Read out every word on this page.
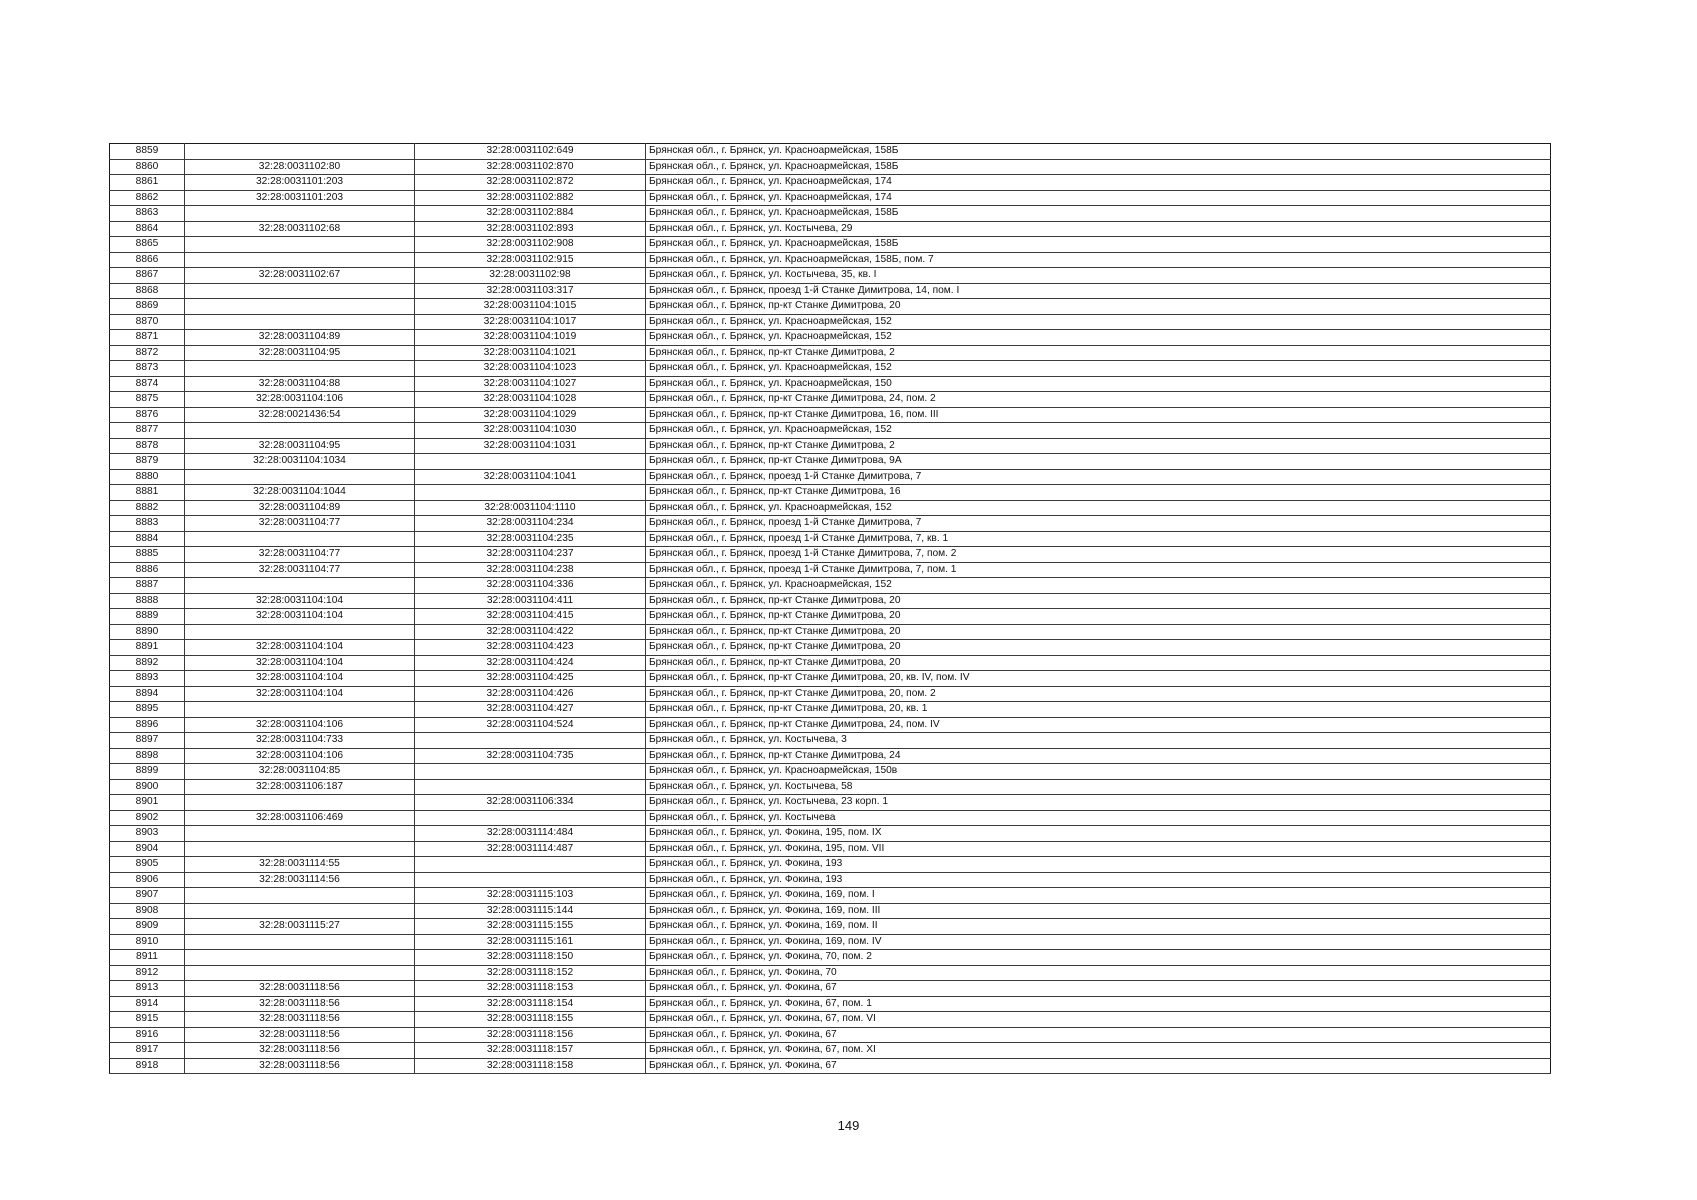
8859		32:28:0031102:649	Брянская обл., г. Брянск, ул. Красноармейская, 158Б
8860	32:28:0031102:80	32:28:0031102:870	Брянская обл., г. Брянск, ул. Красноармейская, 158Б
8861	32:28:0031101:203	32:28:0031102:872	Брянская обл., г. Брянск, ул. Красноармейская, 174
8862	32:28:0031101:203	32:28:0031102:882	Брянская обл., г. Брянск, ул. Красноармейская, 174
8863		32:28:0031102:884	Брянская обл., г. Брянск, ул. Красноармейская, 158Б
8864	32:28:0031102:68	32:28:0031102:893	Брянская обл., г. Брянск, ул. Костычева, 29
8865		32:28:0031102:908	Брянская обл., г. Брянск, ул. Красноармейская, 158Б
8866		32:28:0031102:915	Брянская обл., г. Брянск, ул. Красноармейская, 158Б, пом. 7
8867	32:28:0031102:67	32:28:0031102:98	Брянская обл., г. Брянск, ул. Костычева, 35, кв. I
8868		32:28:0031103:317	Брянская обл., г. Брянск, проезд 1-й Станке Димитрова, 14, пом. I
8869		32:28:0031104:1015	Брянская обл., г. Брянск, пр-кт Станке Димитрова, 20
8870		32:28:0031104:1017	Брянская обл., г. Брянск, ул. Красноармейская, 152
8871	32:28:0031104:89	32:28:0031104:1019	Брянская обл., г. Брянск, ул. Красноармейская, 152
8872	32:28:0031104:95	32:28:0031104:1021	Брянская обл., г. Брянск, пр-кт Станке Димитрова, 2
8873		32:28:0031104:1023	Брянская обл., г. Брянск, ул. Красноармейская, 152
8874	32:28:0031104:88	32:28:0031104:1027	Брянская обл., г. Брянск, ул. Красноармейская, 150
8875	32:28:0031104:106	32:28:0031104:1028	Брянская обл., г. Брянск, пр-кт Станке Димитрова, 24, пом. 2
8876	32:28:0021436:54	32:28:0031104:1029	Брянская обл., г. Брянск, пр-кт Станке Димитрова, 16, пом. III
8877		32:28:0031104:1030	Брянская обл., г. Брянск, ул. Красноармейская, 152
8878	32:28:0031104:95	32:28:0031104:1031	Брянская обл., г. Брянск, пр-кт Станке Димитрова, 2
8879	32:28:0031104:1034		Брянская обл., г. Брянск, пр-кт Станке Димитрова, 9А
8880		32:28:0031104:1041	Брянская обл., г. Брянск, проезд 1-й Станке Димитрова, 7
8881	32:28:0031104:1044		Брянская обл., г. Брянск, пр-кт Станке Димитрова, 16
8882	32:28:0031104:89	32:28:0031104:1110	Брянская обл., г. Брянск, ул. Красноармейская, 152
8883	32:28:0031104:77	32:28:0031104:234	Брянская обл., г. Брянск, проезд 1-й Станке Димитрова, 7
8884		32:28:0031104:235	Брянская обл., г. Брянск, проезд 1-й Станке Димитрова, 7, кв. 1
8885	32:28:0031104:77	32:28:0031104:237	Брянская обл., г. Брянск, проезд 1-й Станке Димитрова, 7, пом. 2
8886	32:28:0031104:77	32:28:0031104:238	Брянская обл., г. Брянск, проезд 1-й Станке Димитрова, 7, пом. 1
8887		32:28:0031104:336	Брянская обл., г. Брянск, ул. Красноармейская, 152
8888	32:28:0031104:104	32:28:0031104:411	Брянская обл., г. Брянск, пр-кт Станке Димитрова, 20
8889	32:28:0031104:104	32:28:0031104:415	Брянская обл., г. Брянск, пр-кт Станке Димитрова, 20
8890		32:28:0031104:422	Брянская обл., г. Брянск, пр-кт Станке Димитрова, 20
8891	32:28:0031104:104	32:28:0031104:423	Брянская обл., г. Брянск, пр-кт Станке Димитрова, 20
8892	32:28:0031104:104	32:28:0031104:424	Брянская обл., г. Брянск, пр-кт Станке Димитрова, 20
8893	32:28:0031104:104	32:28:0031104:425	Брянская обл., г. Брянск, пр-кт Станке Димитрова, 20, кв. IV, пом. IV
8894	32:28:0031104:104	32:28:0031104:426	Брянская обл., г. Брянск, пр-кт Станке Димитрова, 20, пом. 2
8895		32:28:0031104:427	Брянская обл., г. Брянск, пр-кт Станке Димитрова, 20, кв. 1
8896	32:28:0031104:106	32:28:0031104:524	Брянская обл., г. Брянск, пр-кт Станке Димитрова, 24, пом. IV
8897	32:28:0031104:733		Брянская обл., г. Брянск, ул. Костычева, 3
8898	32:28:0031104:106	32:28:0031104:735	Брянская обл., г. Брянск, пр-кт Станке Димитрова, 24
8899	32:28:0031104:85		Брянская обл., г. Брянск, ул. Красноармейская, 150в
8900	32:28:0031106:187		Брянская обл., г. Брянск, ул. Костычева, 58
8901		32:28:0031106:334	Брянская обл., г. Брянск, ул. Костычева, 23 корп. 1
8902	32:28:0031106:469		Брянская обл., г. Брянск, ул. Костычева
8903		32:28:0031114:484	Брянская обл., г. Брянск, ул. Фокина, 195, пом. IX
8904		32:28:0031114:487	Брянская обл., г. Брянск, ул. Фокина, 195, пом. VII
8905	32:28:0031114:55		Брянская обл., г. Брянск, ул. Фокина, 193
8906	32:28:0031114:56		Брянская обл., г. Брянск, ул. Фокина, 193
8907		32:28:0031115:103	Брянская обл., г. Брянск, ул. Фокина, 169, пом. I
8908		32:28:0031115:144	Брянская обл., г. Брянск, ул. Фокина, 169, пом. III
8909	32:28:0031115:27	32:28:0031115:155	Брянская обл., г. Брянск, ул. Фокина, 169, пом. II
8910		32:28:0031115:161	Брянская обл., г. Брянск, ул. Фокина, 169, пом. IV
8911		32:28:0031118:150	Брянская обл., г. Брянск, ул. Фокина, 70, пом. 2
8912		32:28:0031118:152	Брянская обл., г. Брянск, ул. Фокина, 70
8913	32:28:0031118:56	32:28:0031118:153	Брянская обл., г. Брянск, ул. Фокина, 67
8914	32:28:0031118:56	32:28:0031118:154	Брянская обл., г. Брянск, ул. Фокина, 67, пом. 1
8915	32:28:0031118:56	32:28:0031118:155	Брянская обл., г. Брянск, ул. Фокина, 67, пом. VI
8916	32:28:0031118:56	32:28:0031118:156	Брянская обл., г. Брянск, ул. Фокина, 67
8917	32:28:0031118:56	32:28:0031118:157	Брянская обл., г. Брянск, ул. Фокина, 67, пом. XI
8918	32:28:0031118:56	32:28:0031118:158	Брянская обл., г. Брянск, ул. Фокина, 67
149
